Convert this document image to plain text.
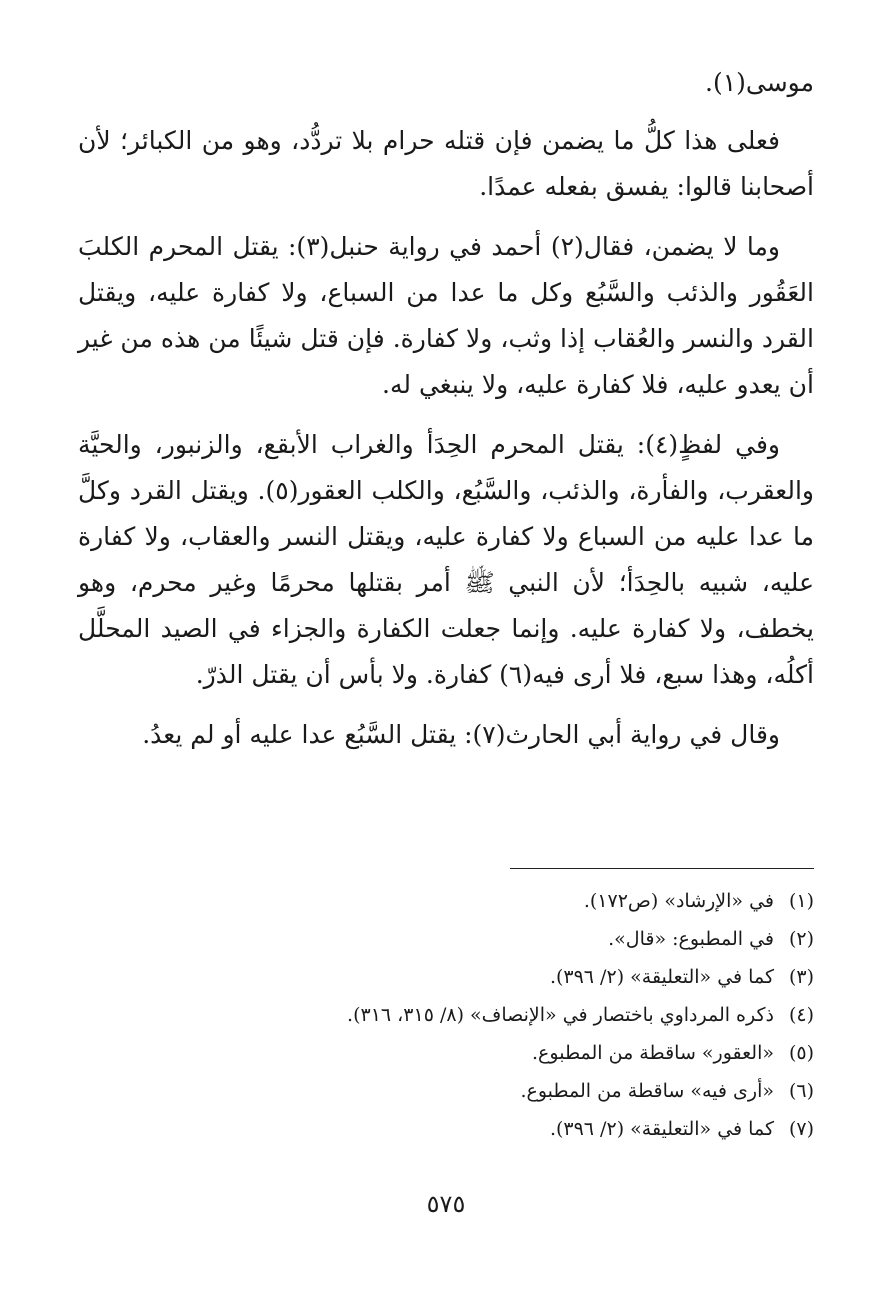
موسى(١).

فعلى هذا كلُّ ما يضمن فإن قتله حرام بلا تردُّد، وهو من الكبائر؛ لأن أصحابنا قالوا: يفسق بفعله عمدًا.

وما لا يضمن، فقال(٢) أحمد في رواية حنبل(٣): يقتل المحرم الكلبَ العَقُور والذئب والسَّبُع وكل ما عدا من السباع، ولا كفارة عليه، ويقتل القرد والنسر والعُقاب إذا وثب، ولا كفارة. فإن قتل شيئًا من هذه من غير أن يعدو عليه، فلا كفارة عليه، ولا ينبغي له.

وفي لفظٍ(٤): يقتل المحرم الحِدَأ والغراب الأبقع، والزنبور، والحيَّة والعقرب، والفأرة، والذئب، والسَّبُع، والكلب العقور(٥). ويقتل القرد وكلَّ ما عدا عليه من السباع ولا كفارة عليه، ويقتل النسر والعقاب، ولا كفارة عليه، شبيه بالحِدَأ؛ لأن النبي ﷺ أمر بقتلها محرمًا وغير محرم، وهو يخطف، ولا كفارة عليه. وإنما جعلت الكفارة والجزاء في الصيد المحلَّل أكلُه، وهذا سبع، فلا أرى فيه(٦) كفارة. ولا بأس أن يقتل الذرّ.

وقال في رواية أبي الحارث(٧): يقتل السَّبُع عدا عليه أو لم يعدُ.

(١)في «الإرشاد» (ص١٧٢).
(٢)في المطبوع: «قال».
(٣)كما في «التعليقة» (٢/ ٣٩٦).
(٤)ذكره المرداوي باختصار في «الإنصاف» (٨/ ٣١٥، ٣١٦).
(٥)«العقور» ساقطة من المطبوع.
(٦)«أرى فيه» ساقطة من المطبوع.
(٧)كما في «التعليقة» (٢/ ٣٩٦).
٥٧٥
